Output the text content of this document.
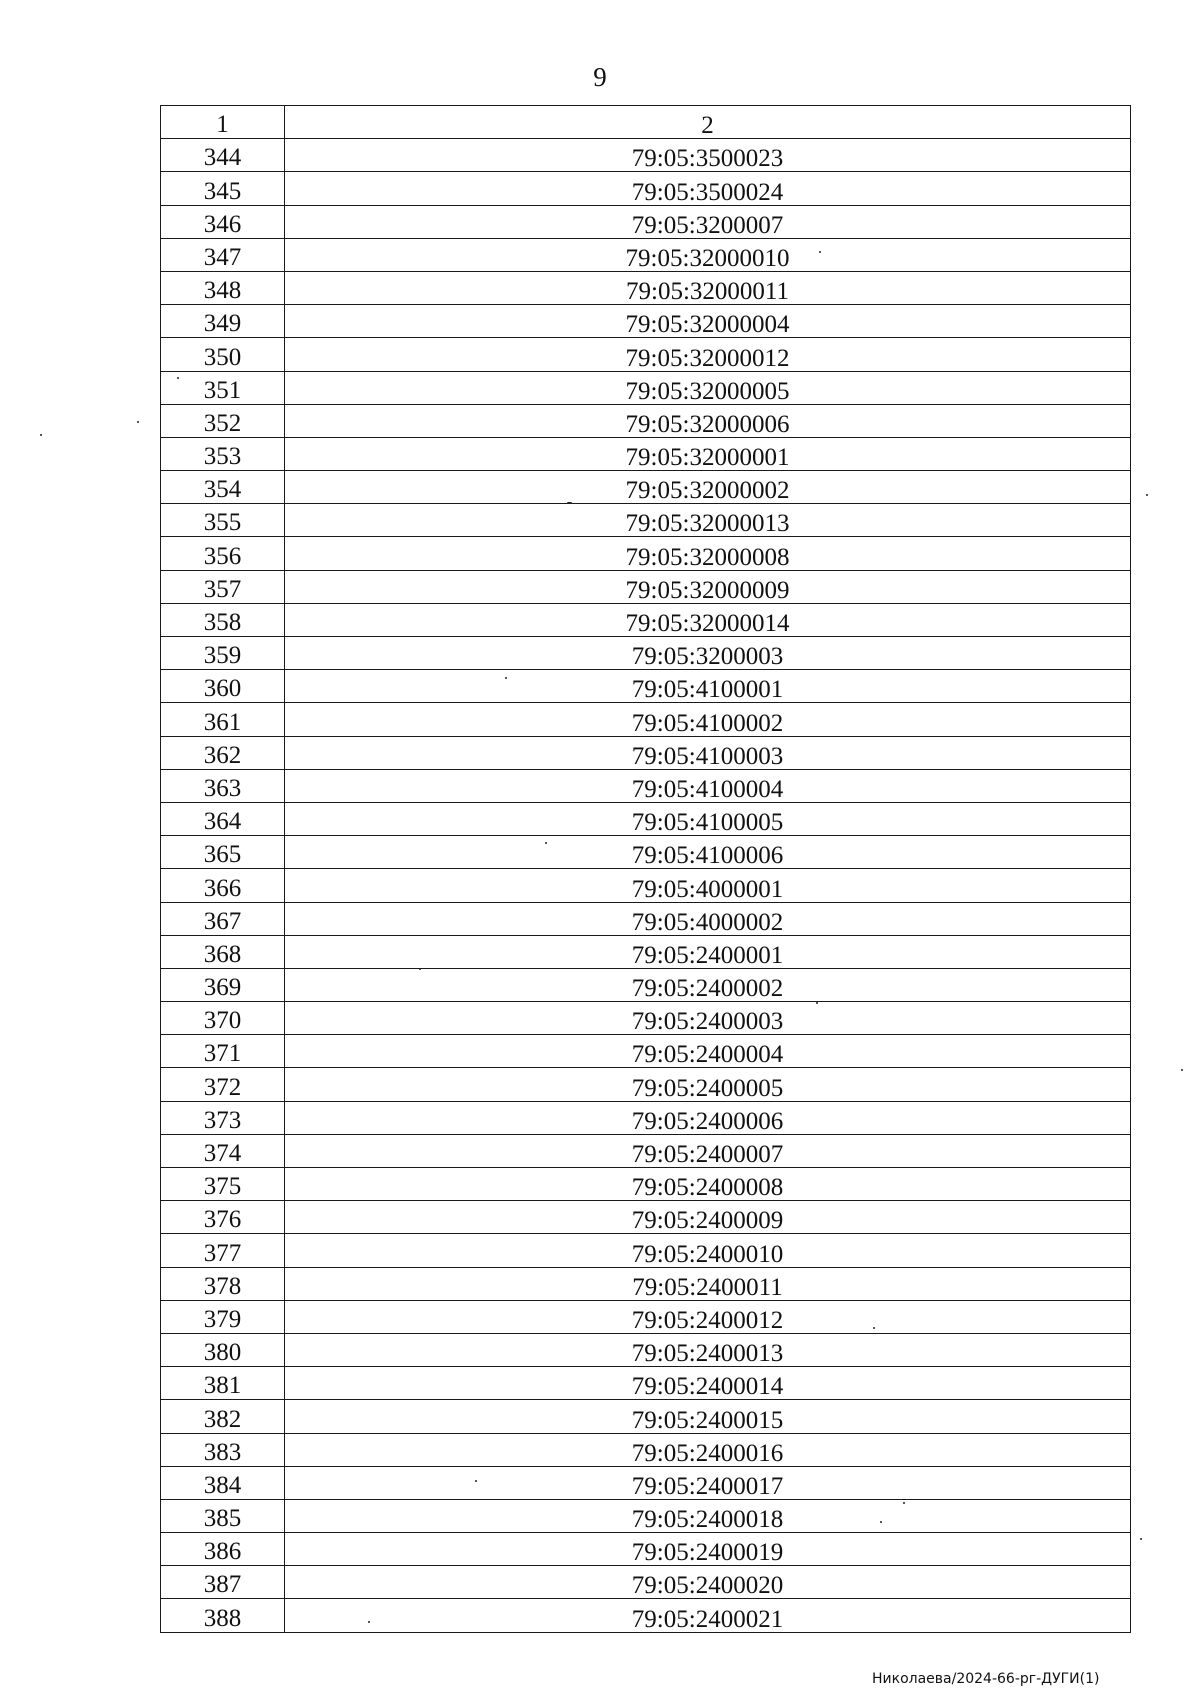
9
1	2
344	79:05:3500023
345	79:05:3500024
346	79:05:3200007
347	79:05:32000010
348	79:05:32000011
349	79:05:32000004
350	79:05:32000012
351	79:05:32000005
352	79:05:32000006
353	79:05:32000001
354	79:05:32000002
355	79:05:32000013
356	79:05:32000008
357	79:05:32000009
358	79:05:32000014
359	79:05:3200003
360	79:05:4100001
361	79:05:4100002
362	79:05:4100003
363	79:05:4100004
364	79:05:4100005
365	79:05:4100006
366	79:05:4000001
367	79:05:4000002
368	79:05:2400001
369	79:05:2400002
370	79:05:2400003
371	79:05:2400004
372	79:05:2400005
373	79:05:2400006
374	79:05:2400007
375	79:05:2400008
376	79:05:2400009
377	79:05:2400010
378	79:05:2400011
379	79:05:2400012
380	79:05:2400013
381	79:05:2400014
382	79:05:2400015
383	79:05:2400016
384	79:05:2400017
385	79:05:2400018
386	79:05:2400019
387	79:05:2400020
388	79:05:2400021
Николаева/2024-66-рг-ДУГИ(1)
